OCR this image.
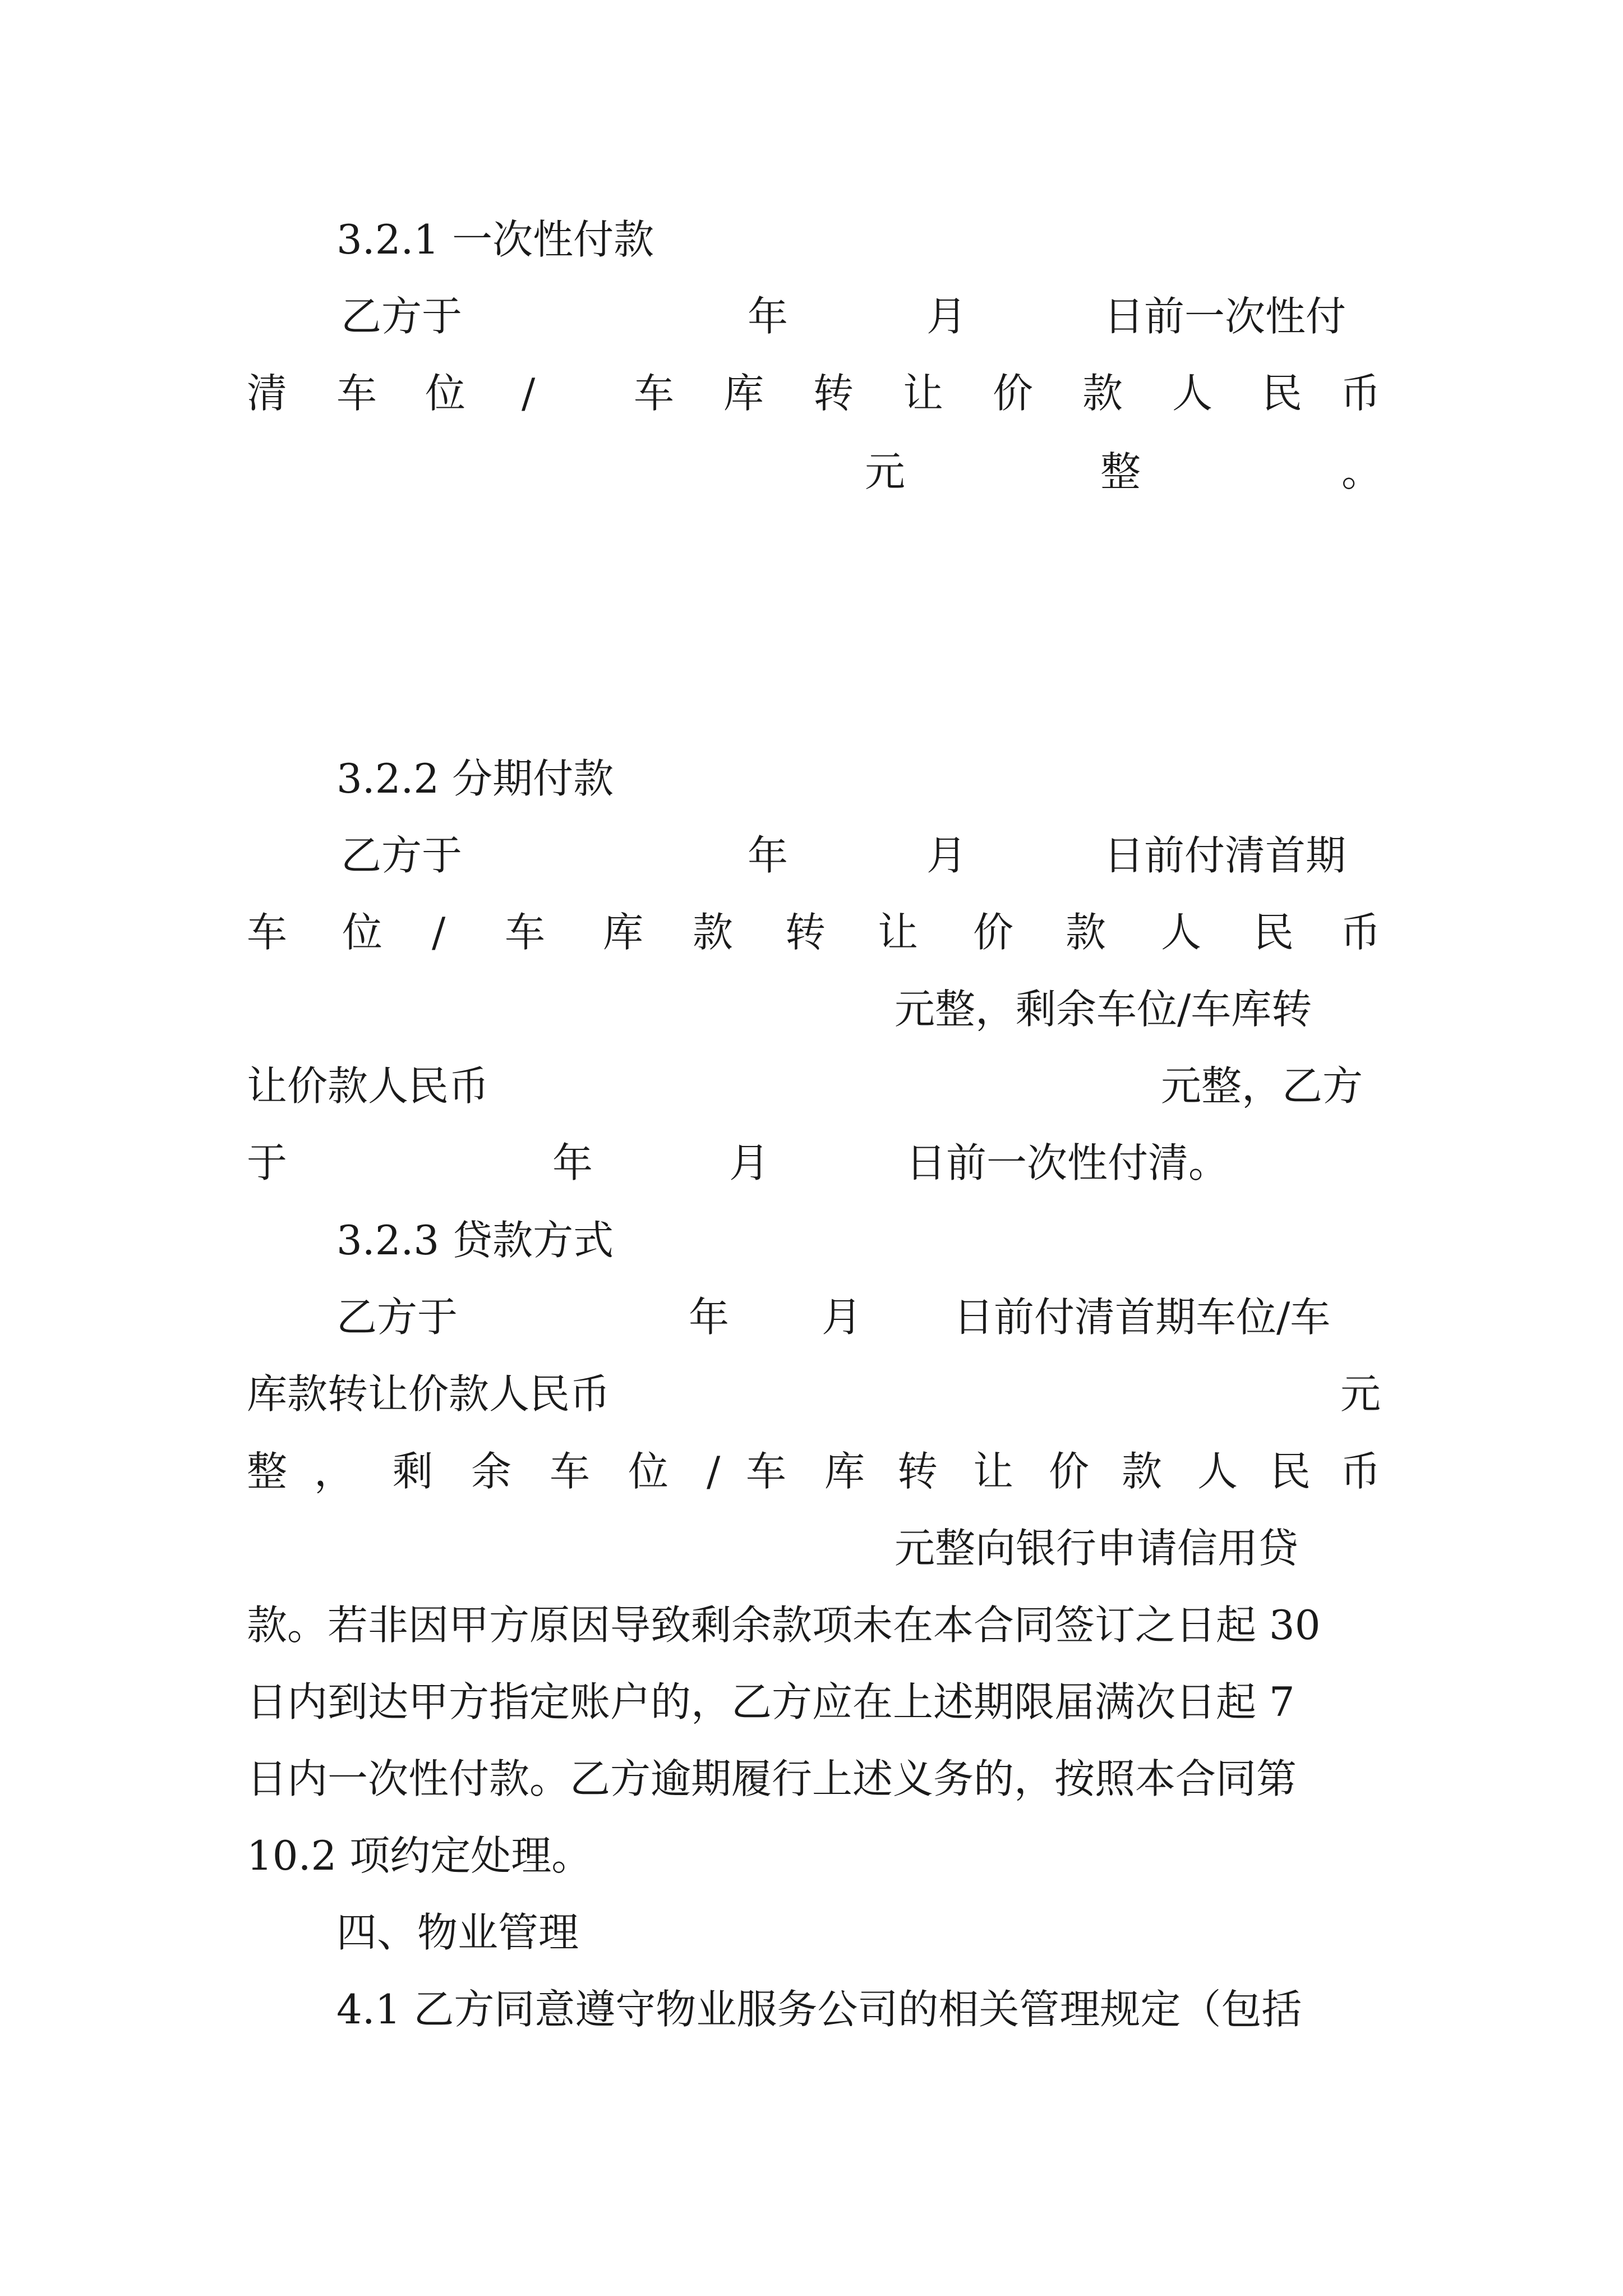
3.2.1 一次性付款
乙方于	年	月	日前一次性付
清 车 位 / 车 库 转 让 价 款 人 民 币
元	整	。
3.2.2 分期付款
乙方于	年	月	日前付清首期
车 位 / 车 库 款 转 让 价 款 人 民 币
元整，剩余车位/车库转
让价款人民币	元整，乙方
于	年	月	日前一次性付清。
3.2.3 贷款方式
乙方于	年 月 日前付清首期车位/车
库款转让价款人民币	元
整 ， 剩 余 车 位 / 车 库 转 让 价 款 人 民 币
元整向银行申请信用贷
款。若非因甲方原因导致剩余款项未在本合同签订之日起 30
日内到达甲方指定账户的，乙方应在上述期限届满次日起 7
日内一次性付款。乙方逾期履行上述义务的，按照本合同第
10.2 项约定处理。
四、物业管理
4.1 乙方同意遵守物业服务公司的相关管理规定（包括
